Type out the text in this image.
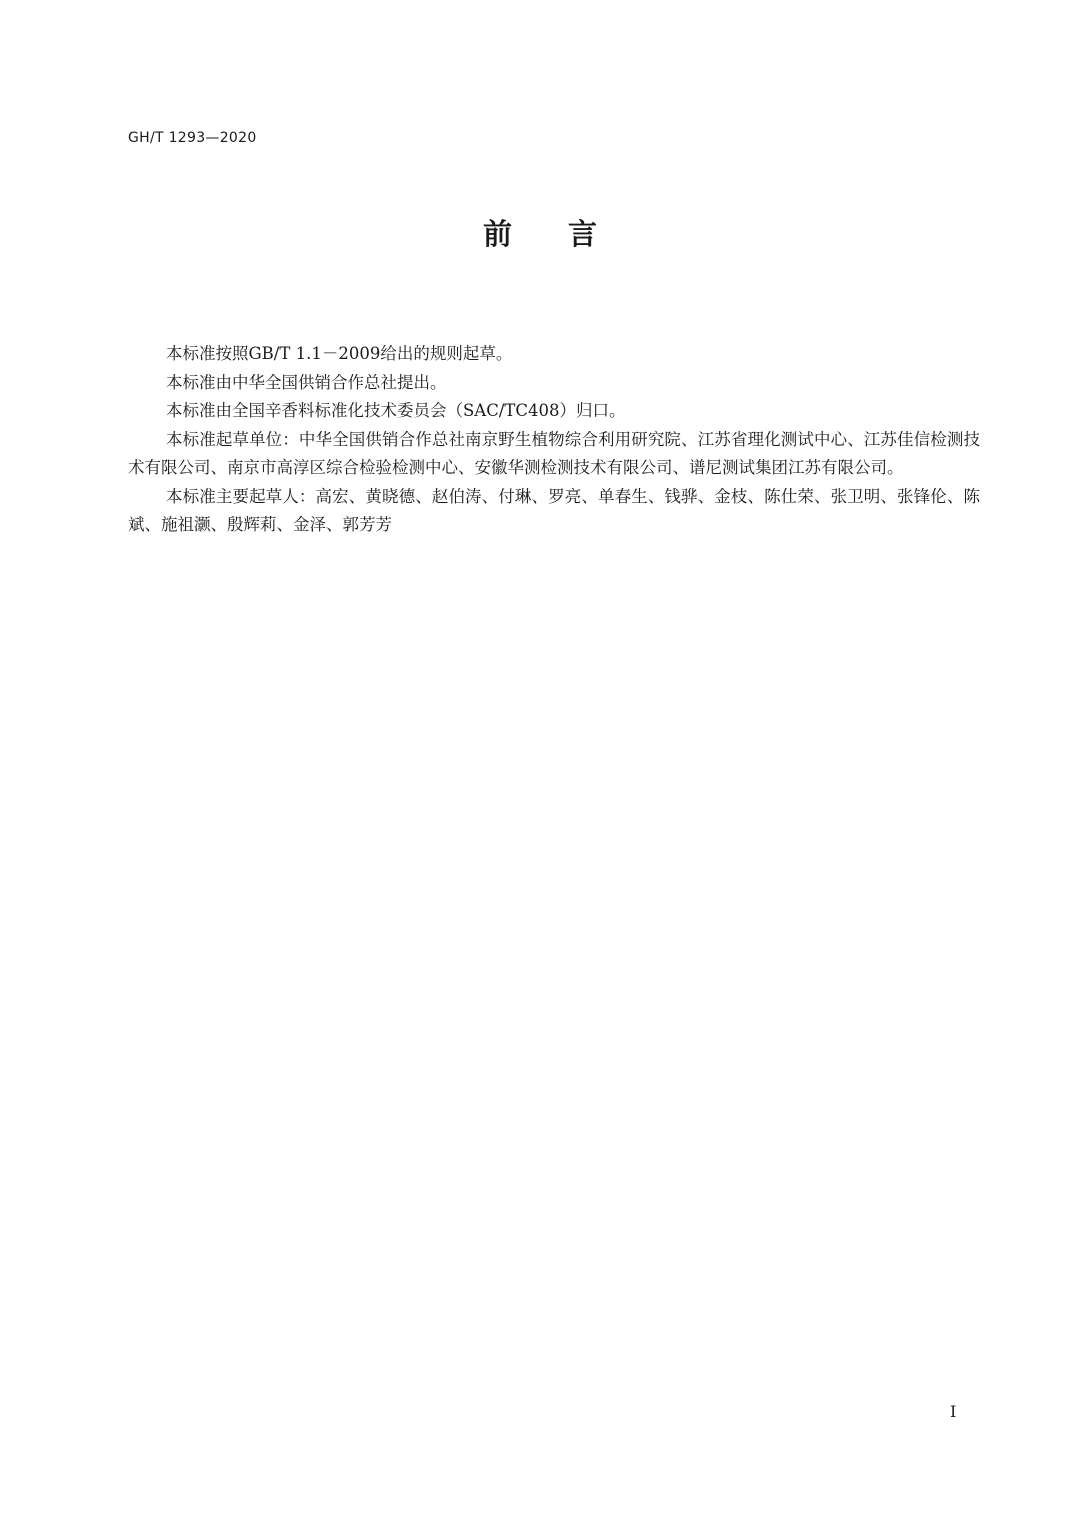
GH/T 1293—2020
前言

本标准按照GB/T 1.1－2009给出的规则起草。

本标准由中华全国供销合作总社提出。

本标准由全国辛香料标准化技术委员会（SAC/TC408）归口。

本标准起草单位：中华全国供销合作总社南京野生植物综合利用研究院、江苏省理化测试中心、江苏佳信检测技术有限公司、南京市高淳区综合检验检测中心、安徽华测检测技术有限公司、谱尼测试集团江苏有限公司。

本标准主要起草人：高宏、黄晓德、赵伯涛、付琳、罗亮、单春生、钱骅、金枝、陈仕荣、张卫明、张锋伦、陈斌、施祖灏、殷辉莉、金泽、郭芳芳

I
